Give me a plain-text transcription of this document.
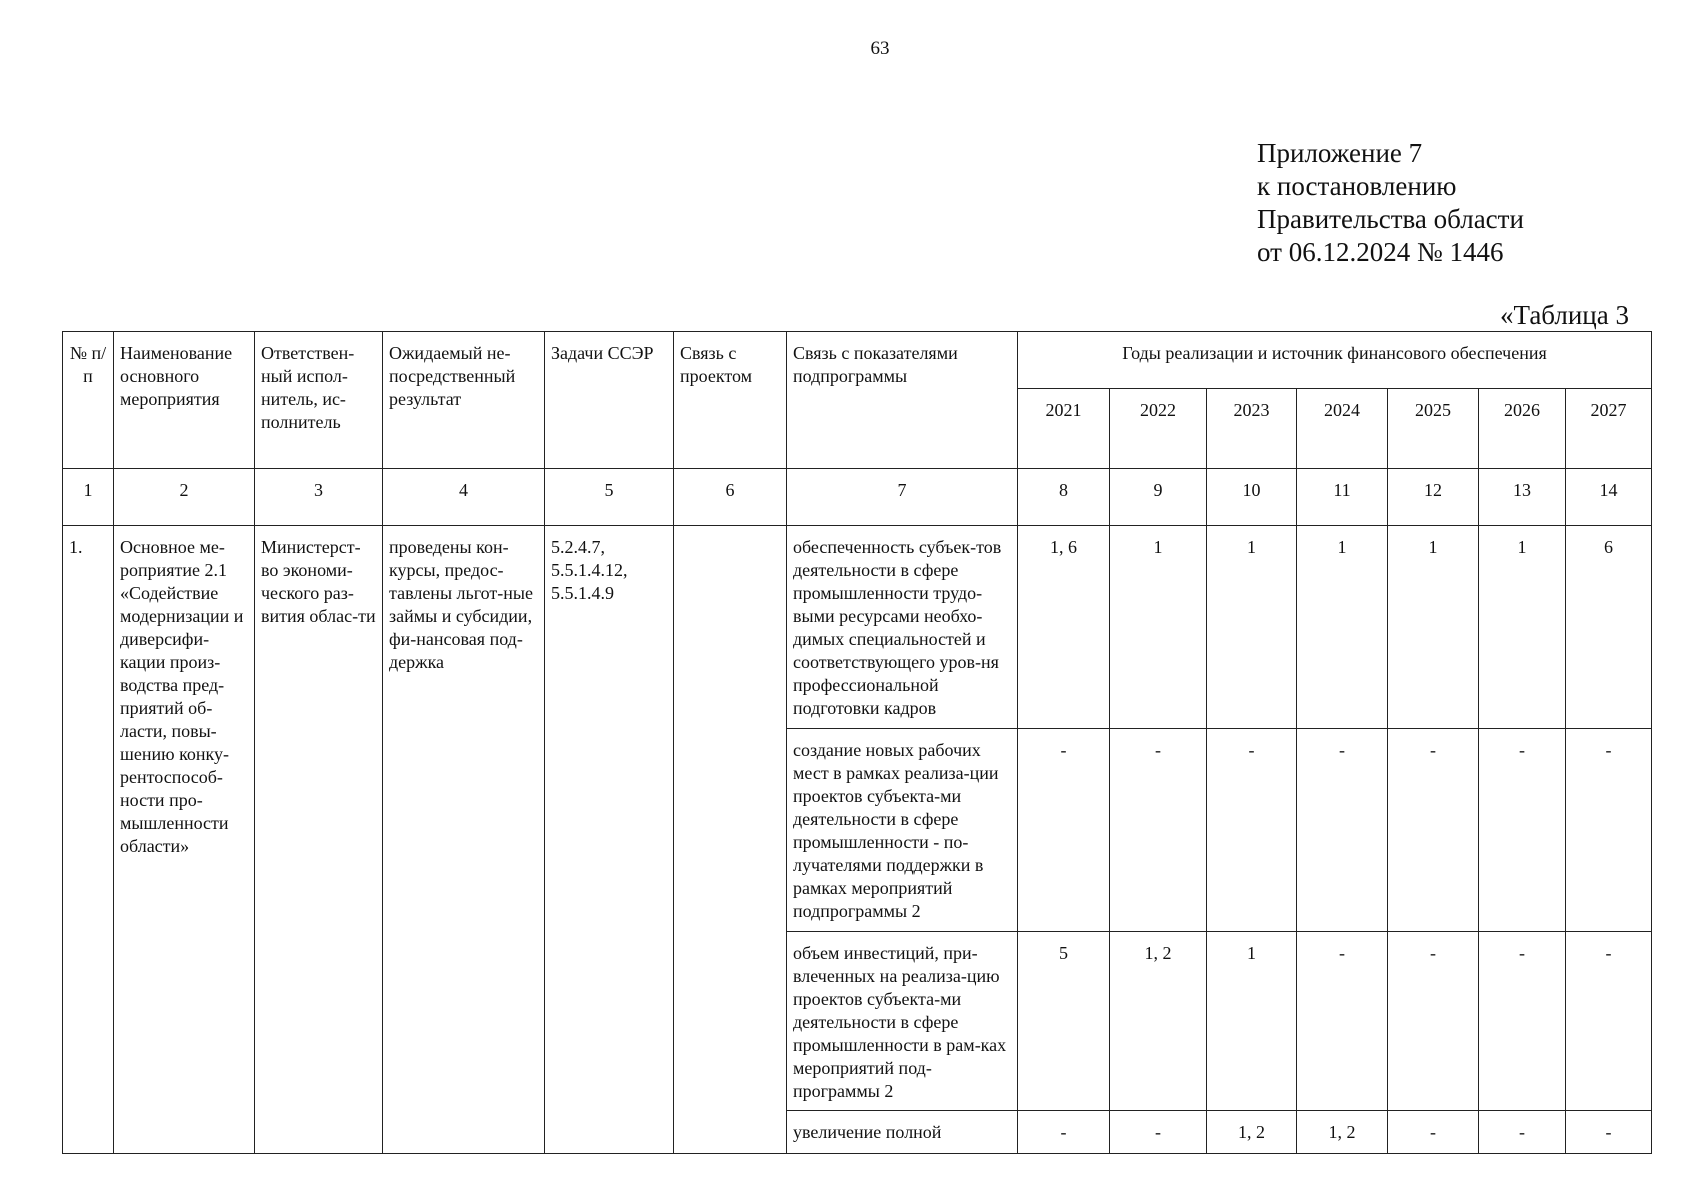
63
Приложение 7
к постановлению
Правительства области
от 06.12.2024 № 1446
«Таблица 3
№ п/п	Наименование основного мероприятия	Ответствен-ный испол-нитель, ис-полнитель	Ожидаемый не-посредственный результат	Задачи ССЭР	Связь с проектом	Связь с показателями подпрограммы	Годы реализации и источник финансового обеспечения						
							2021	2022	2023	2024	2025	2026	2027
1	2	3	4	5	6	7	8	9	10	11	12	13	14
1.	Основное ме-роприятие 2.1 «Содействие модернизации и диверсифи-кации произ-водства пред-приятий об-ласти, повы-шению конку-рентоспособ-ности про-мышленности области»	Министерст-во экономи-ческого раз-вития облас-ти	проведены кон-курсы, предос-тавлены льгот-ные займы и субсидии, фи-нансовая под-держка	5.2.4.7, 5.5.1.4.12, 5.5.1.4.9		обеспеченность субъек-тов деятельности в сфере промышленности трудо-выми ресурсами необхо-димых специальностей и соответствующего уров-ня профессиональной подготовки кадров	1, 6	1	1	1	1	1	6
						создание новых рабочих мест в рамках реализа-ции проектов субъекта-ми деятельности в сфере промышленности - по-лучателями поддержки в рамках мероприятий подпрограммы 2	-	-	-	-	-	-	-
						объем инвестиций, при-влеченных на реализа-цию проектов субъекта-ми деятельности в сфере промышленности в рам-ках мероприятий под-программы 2	5	1, 2	1	-	-	-	-
						увеличение полной	-	-	1, 2	1, 2	-	-	-
